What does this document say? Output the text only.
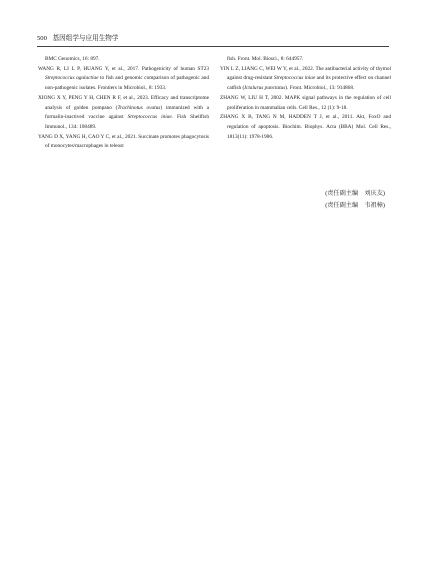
500 基因组学与应用生物学

BMC Genomics, 16: 897.

WANG R, LI L P, HUANG Y, et al., 2017. Pathogenicity of human ST23 Streptococcus agalactiae to fish and genomic comparison of pathogenic and non-pathogenic isolates. Frontiers in Microbiol., 8: 1933.

XIONG X Y, PENG Y H, CHEN R F, et al., 2023. Efficacy and transcriptome analysis of golden pompano (Trachinotus ovatus) immunized with a formalin-inactived vaccine against Streptococcus iniae. Fish Shellfish Immunol., 134: 108489.

YANG D X, YANG H, CAO Y C, et al., 2021. Succinate promotes phagocytosis of monocytes/macrophages in teleost

fish. Front. Mol. Biosci., 8: 644957.

YIN L Z, LIANG C, WEI W Y, et al., 2022. The antibacterial activity of thymol against drug-resistant Streptococcus iniae and its protective effect on channel catfish (Ictalurus punctatus). Front. Microbiol., 13: 914868.

ZHANG W, LIU H T, 2002. MAPK signal pathways in the regulation of cell proliferation in mammalian cells. Cell Res., 12 (1): 9-18.

ZHANG X B, TANG N M, HADDEN T J, et al., 2011. Akt, FoxO and regulation of apoptosis. Biochim. Biophys. Acta (BBA) Mol. Cell Res., 1813(11): 1978-1986.

(责任副主编　刘庆友)
(责任副主编　韦祖樟)
